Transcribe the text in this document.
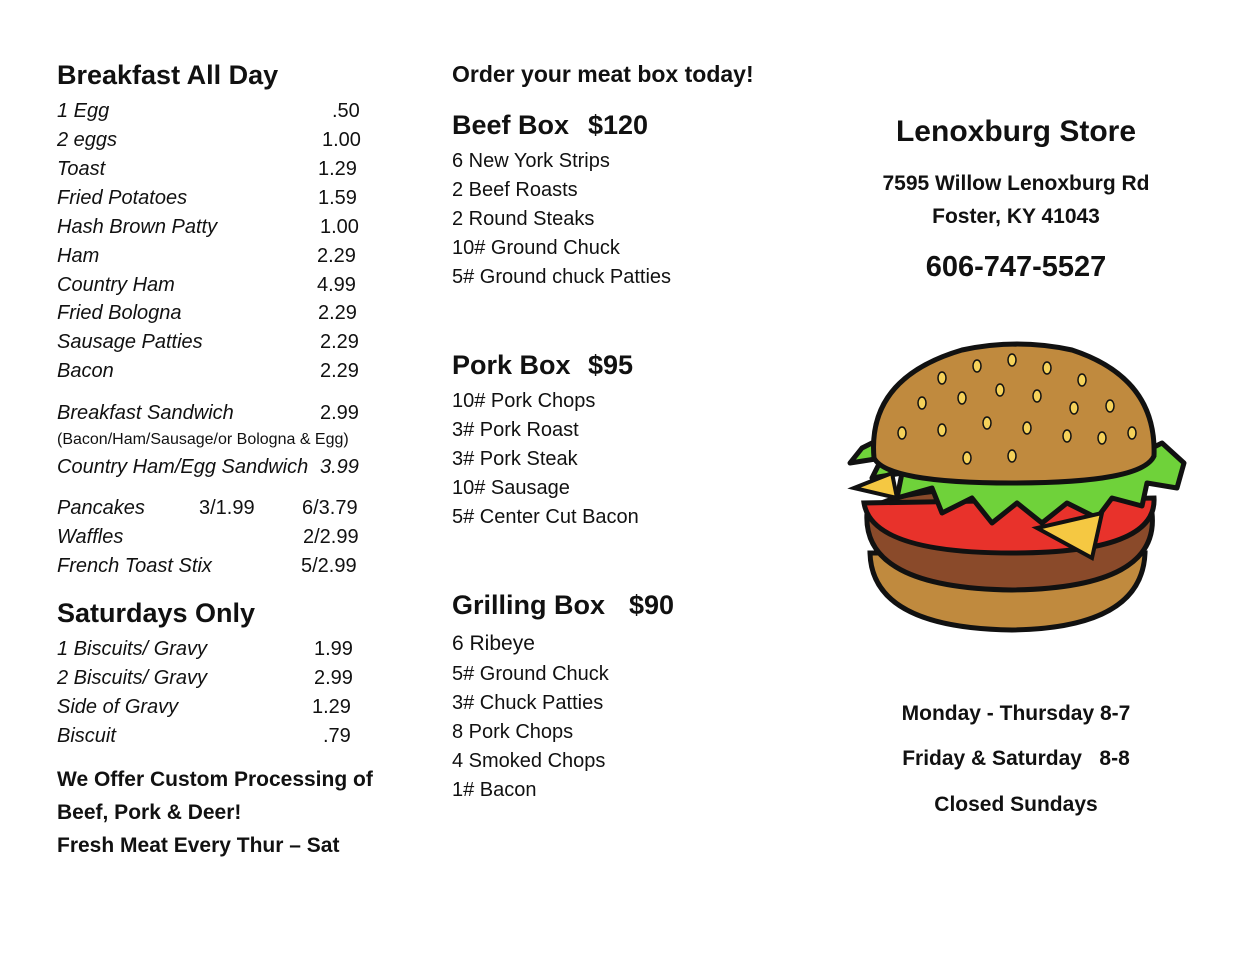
Breakfast All Day
1 Egg	.50
2 eggs	1.00
Toast	1.29
Fried Potatoes	1.59
Hash Brown Patty	1.00
Ham	2.29
Country Ham	4.99
Fried Bologna	2.29
Sausage Patties	2.29
Bacon	2.29
Breakfast Sandwich	2.99
(Bacon/Ham/Sausage/or Bologna & Egg)
Country Ham/Egg Sandwich 3.99
Pancakes	3/1.99 6/3.79
Waffles	2/2.99
French Toast Stix	5/2.99
Saturdays Only
1 Biscuits/ Gravy	1.99
2 Biscuits/ Gravy	2.99
Side of Gravy	1.29
Biscuit	.79
We Offer Custom Processing of
Beef, Pork & Deer!
Fresh Meat Every Thur – Sat
Order your meat box today!
Beef Box $120
6 New York Strips
2 Beef Roasts
2 Round Steaks
10# Ground Chuck
5# Ground chuck Patties
Pork Box $95
10# Pork Chops
3# Pork Roast
3# Pork Steak
10# Sausage
5# Center Cut Bacon
Grilling Box $90
6 Ribeye
5# Ground Chuck
3# Chuck Patties
8 Pork Chops
4 Smoked Chops
1# Bacon
Lenoxburg Store
7595 Willow Lenoxburg Rd
Foster, KY 41043
606-747-5527
Monday - Thursday 8-7
Friday & Saturday   8-8
Closed Sundays
